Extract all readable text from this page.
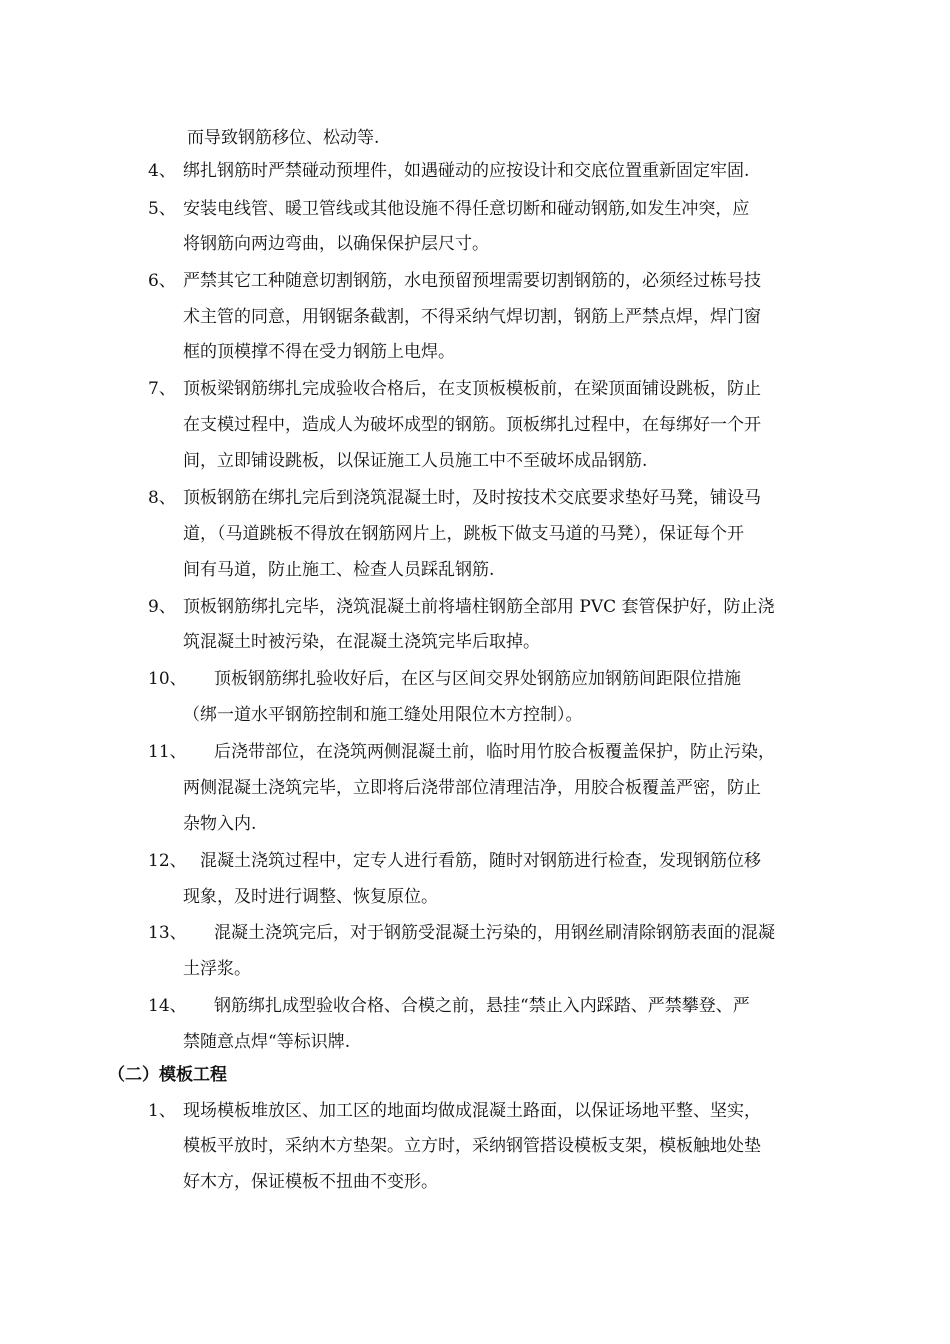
而导致钢筋移位、松动等.
4、 绑扎钢筋时严禁碰动预埋件，如遇碰动的应按设计和交底位置重新固定牢固.
5、 安装电线管、暖卫管线或其他设施不得任意切断和碰动钢筋,如发生冲突，应
将钢筋向两边弯曲，以确保保护层尺寸。
6、 严禁其它工种随意切割钢筋，水电预留预埋需要切割钢筋的，必须经过栋号技
术主管的同意，用钢锯条截割，不得采纳气焊切割，钢筋上严禁点焊，焊门窗
框的顶模撑不得在受力钢筋上电焊。
7、 顶板梁钢筋绑扎完成验收合格后，在支顶板模板前，在梁顶面铺设跳板，防止
在支模过程中，造成人为破坏成型的钢筋。顶板绑扎过程中，在每绑好一个开
间，立即铺设跳板，以保证施工人员施工中不至破坏成品钢筋.
8、 顶板钢筋在绑扎完后到浇筑混凝土时，及时按技术交底要求垫好马凳，铺设马
道，（马道跳板不得放在钢筋网片上，跳板下做支马道的马凳），保证每个开
间有马道，防止施工、检查人员踩乱钢筋.
9、 顶板钢筋绑扎完毕，浇筑混凝土前将墙柱钢筋全部用 PVC 套管保护好，防止浇
筑混凝土时被污染，在混凝土浇筑完毕后取掉。
10、 顶板钢筋绑扎验收好后，在区与区间交界处钢筋应加钢筋间距限位措施
（绑一道水平钢筋控制和施工缝处用限位木方控制）。
11、 后浇带部位，在浇筑两侧混凝土前，临时用竹胶合板覆盖保护，防止污染，
两侧混凝土浇筑完毕，立即将后浇带部位清理洁净，用胶合板覆盖严密，防止
杂物入内.
12、 混凝土浇筑过程中，定专人进行看筋，随时对钢筋进行检查，发现钢筋位移
现象，及时进行调整、恢复原位。
13、 混凝土浇筑完后，对于钢筋受混凝土污染的，用钢丝刷清除钢筋表面的混凝
土浮浆。
14、 钢筋绑扎成型验收合格、合模之前，悬挂“禁止入内踩踏、严禁攀登、严
禁随意点焊“等标识牌.
（二）模板工程
1、 现场模板堆放区、加工区的地面均做成混凝土路面，以保证场地平整、坚实，
模板平放时，采纳木方垫架。立方时，采纳钢管搭设模板支架，模板触地处垫
好木方，保证模板不扭曲不变形。
